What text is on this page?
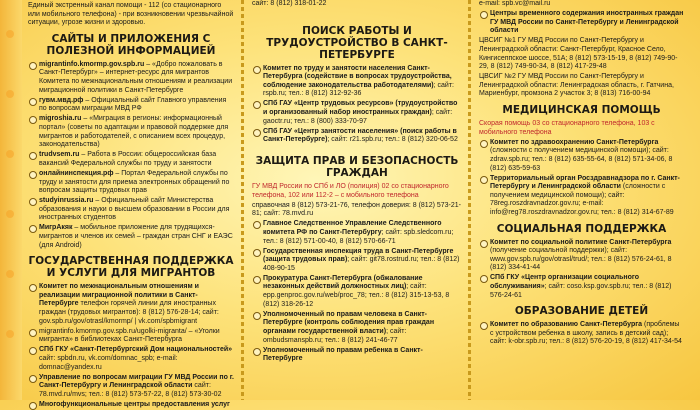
Единый экстренный канал помощи - 112 (со стационарного или мобильного телефона) - при возникновении чрезвычайной ситуации, угрозе жизни и здоровью.

САЙТЫ И ПРИЛОЖЕНИЯ С ПОЛЕЗНОЙ ИНФОРМАЦИЕЙ
migrantinfo.kmormp.gov.spb.ru – «Добро пожаловать в Санкт-Петербург» – интернет-ресурс для мигрантов Комитета по межнациональным отношениям и реализации миграционной политики в Санкт-Петербурге
гувм.мвд.рф – Официальный сайт Главного управления по вопросам миграции МВД РФ
migroshia.ru – «Миграция в регионы: информационный портал» (советы по адаптации и правовой поддержке для мигрантов и работодателей, с описанием всех процедур, законодательства)
trudvsem.ru – Работа в России: общероссийская база вакансий Федеральной службы по труду и занятости
онлайнинспекция.рф – Портал Федеральной службы по труду и занятости для приема электронных обращений по вопросам защиты трудовых прав
studyinrussia.ru – Официальный сайт Министерства образования и науки о высшем образовании в России для иностранных студентов
МигрАкяк – мобильное приложение для трудящихся-мигрантов и членов их семей – граждан стран СНГ и ЕАЭС (для Android)
ГОСУДАРСТВЕННАЯ ПОДДЕРЖКА И УСЛУГИ ДЛЯ МИГРАНТОВ
Комитет по межнациональным отношениям и реализации миграционной политики в Санкт-Петербурге телефон горячей линии для иностранных граждан (трудовых мигрантов): 8 (812) 576-28-14; сайт: gov.spb.ru/gov/otrasl/kmormp/ | vk.com/spbmigrant
migrantinfo.kmormp.gov.spb.ru/ugolki-migranta/ – «Уголки мигранта» в библиотеках Санкт-Петербурга
СПб ГКУ «Санкт-Петербургский Дом национальностей» сайт: spbdn.ru, vk.com/domnac_spb; e-mail: domnac@yandex.ru
Управление по вопросам миграции ГУ МВД России по г. Санкт-Петербургу и Ленинградской области сайт: 78.mvd.ru/mvs; тел.: 8 (812) 573-57-22, 8 (812) 573-30-02
Многофункциональные центры предоставления услуг

сайт: 8 (812) 318-01-22

ПОИСК РАБОТЫ И ТРУДОУСТРОЙСТВО В САНКТ-ПЕТЕРБУРГЕ
Комитет по труду и занятости населения Санкт-Петербурга (содействие в вопросах трудоустройства, соблюдение законодательства работодателями); сайт: rspb.ru; тел.: 8 (812) 312-92-36
СПб ГАУ «Центр трудовых ресурсов» (трудоустройство и организованный набор иностранных граждан); сайт: gaoctr.ru; тел.: 8 (800) 333-70-97
СПб ГАУ «Центр занятости населения» (поиск работы в Санкт-Петербурге); сайт: r21.spb.ru; тел.: 8 (812) 320-06-52
ЗАЩИТА ПРАВ И БЕЗОПАСНОСТЬ ГРАЖДАН

ГУ МВД России по СПб и ЛО (полиция) 02 со стационарного телефона, 102 или 112-2 – с мобильного телефона

справочная 8 (812) 573-21-76, телефон доверия: 8 (812) 573-21-81; сайт: 78.mvd.ru

Главное Следственное Управление Следственного комитета РФ по Санкт-Петербургу; сайт: spb.sledcom.ru; тел.: 8 (812) 571-00-40, 8 (812) 570-66-71
Государственная инспекция труда в Санкт-Петербурге (защита трудовых прав); сайт: git78.rostrud.ru; тел.: 8 (812) 408-90-15
Прокуратура Санкт-Петербурга (обжалование незаконных действий должностных лиц); сайт: epp.genproc.gov.ru/web/proc_78; тел.: 8 (812) 315-13-53, 8 (812) 318-26-12
Уполномоченный по правам человека в Санкт-Петербурге (контроль соблюдения прав граждан органами государственной власти); сайт: ombudsmanspb.ru; тел.: 8 (812) 241-46-77
Уполномоченный по правам ребенка в Санкт-Петербурге

e-mail: spb.vc@mail.ru

Центры временного содержания иностранных граждан ГУ МВД России по Санкт-Петербургу и Ленинградской области

ЦВСИГ №1 ГУ МВД России по Санкт-Петербургу и Ленинградской области: Санкт-Петербург, Красное Село, Кингисеппское шоссе, 51А; 8 (812) 573-15-19, 8 (812) 749-90-29, 8 (812) 749-90-34, 8 (812) 417-29-48

ЦВСИГ №2 ГУ МВД России по Санкт-Петербургу и Ленинградской области: Ленинградская область, г. Гатчина, Мариенбург, промзона 2 участок 3; 8 (813) 716-00-94

МЕДИЦИНСКАЯ ПОМОЩЬ

Скорая помощь 03 со стационарного телефона, 103 с мобильного телефона

Комитет по здравоохранению Санкт-Петербурга (сложности с получением медицинской помощи); сайт: zdrav.spb.ru; тел.: 8 (812) 635-55-64, 8 (812) 571-34-06, 8 (812) 635-59-63
Территориальный орган Росздравнадзора по г. Санкт-Петербургу и Ленинградской области (сложности с получением медицинской помощи); сайт: 78reg.roszdravnadzor.gov.ru; e-mail: info@reg78.roszdravnadzor.gov.ru; тел.: 8 (812) 314-67-89
СОЦИАЛЬНАЯ ПОДДЕРЖКА
Комитет по социальной политике Санкт-Петербурга (получение социальной поддержки); сайт: www.gov.spb.ru/gov/otrasl/trud/; тел.: 8 (812) 576-24-61, 8 (812) 334-41-44
СПб ГКУ «Центр организации социального обслуживания»; сайт: coso.ksp.gov.spb.ru; тел.: 8 (812) 576-24-61
ОБРАЗОВАНИЕ ДЕТЕЙ
Комитет по образованию Санкт-Петербурга (проблемы с устройством ребенка в школу, запись в детский сад); сайт: k-obr.spb.ru; тел.: 8 (812) 576-20-19, 8 (812) 417-34-54
